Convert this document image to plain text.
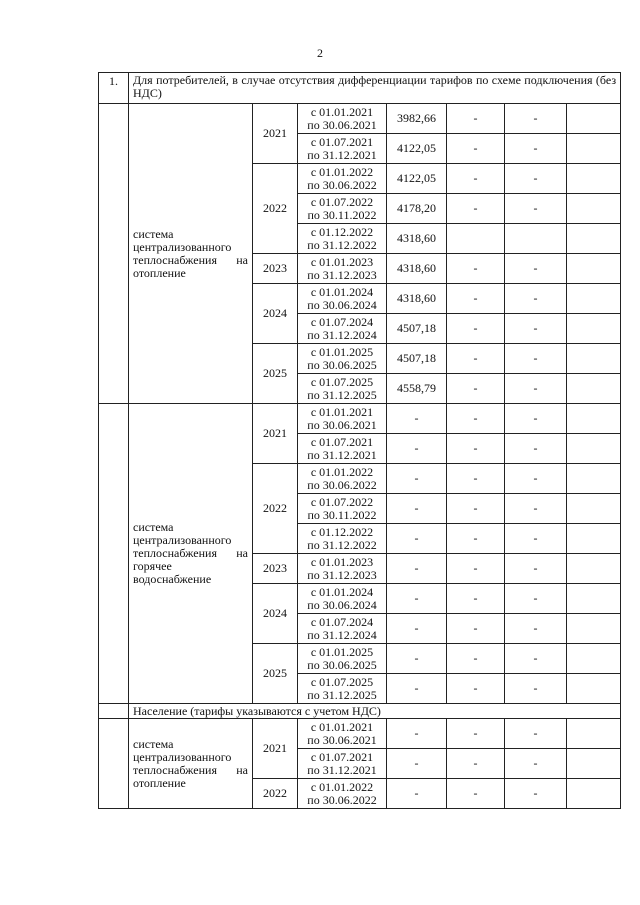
2
1.	Для потребителей, в случае отсутствия дифференциации тарифов по схеме подключения (без НДС)						
	система централизованного теплоснабжения на отопление	2021	с 01.01.2021
по 30.06.2021	3982,66	-	-	

			с 01.07.2021
по 31.12.2021	4122,05	-	-	
		2022	с 01.01.2022
по 30.06.2022	4122,05	-	-	

			с 01.07.2022
по 30.11.2022	4178,20	-	-	

			с 01.12.2022
по 31.12.2022	4318,60			
		2023	с 01.01.2023
по 31.12.2023	4318,60	-	-	
		2024	с 01.01.2024
по 30.06.2024	4318,60	-	-	

			с 01.07.2024
по 31.12.2024	4507,18	-	-	
		2025	с 01.01.2025
по 30.06.2025	4507,18	-	-	

			с 01.07.2025
по 31.12.2025	4558,79	-	-	
	система централизованного теплоснабжения на горячее водоснабжение	2021	с 01.01.2021
по 30.06.2021	-	-	-	

			с 01.07.2021
по 31.12.2021	-	-	-	
		2022	с 01.01.2022
по 30.06.2022	-	-	-	

			с 01.07.2022
по 30.11.2022	-	-	-	

			с 01.12.2022
по 31.12.2022	-	-	-	
		2023	с 01.01.2023
по 31.12.2023	-	-	-	
		2024	с 01.01.2024
по 30.06.2024	-	-	-	

			с 01.07.2024
по 31.12.2024	-	-	-	
		2025	с 01.01.2025
по 30.06.2025	-	-	-	

			с 01.07.2025
по 31.12.2025	-	-	-	
	Население (тарифы указываются с учетом НДС)						
	система централизованного теплоснабжения на отопление	2021	с 01.01.2021
по 30.06.2021	-	-	-	

			с 01.07.2021
по 31.12.2021	-	-	-	
		2022	с 01.01.2022
по 30.06.2022	-	-	-	
